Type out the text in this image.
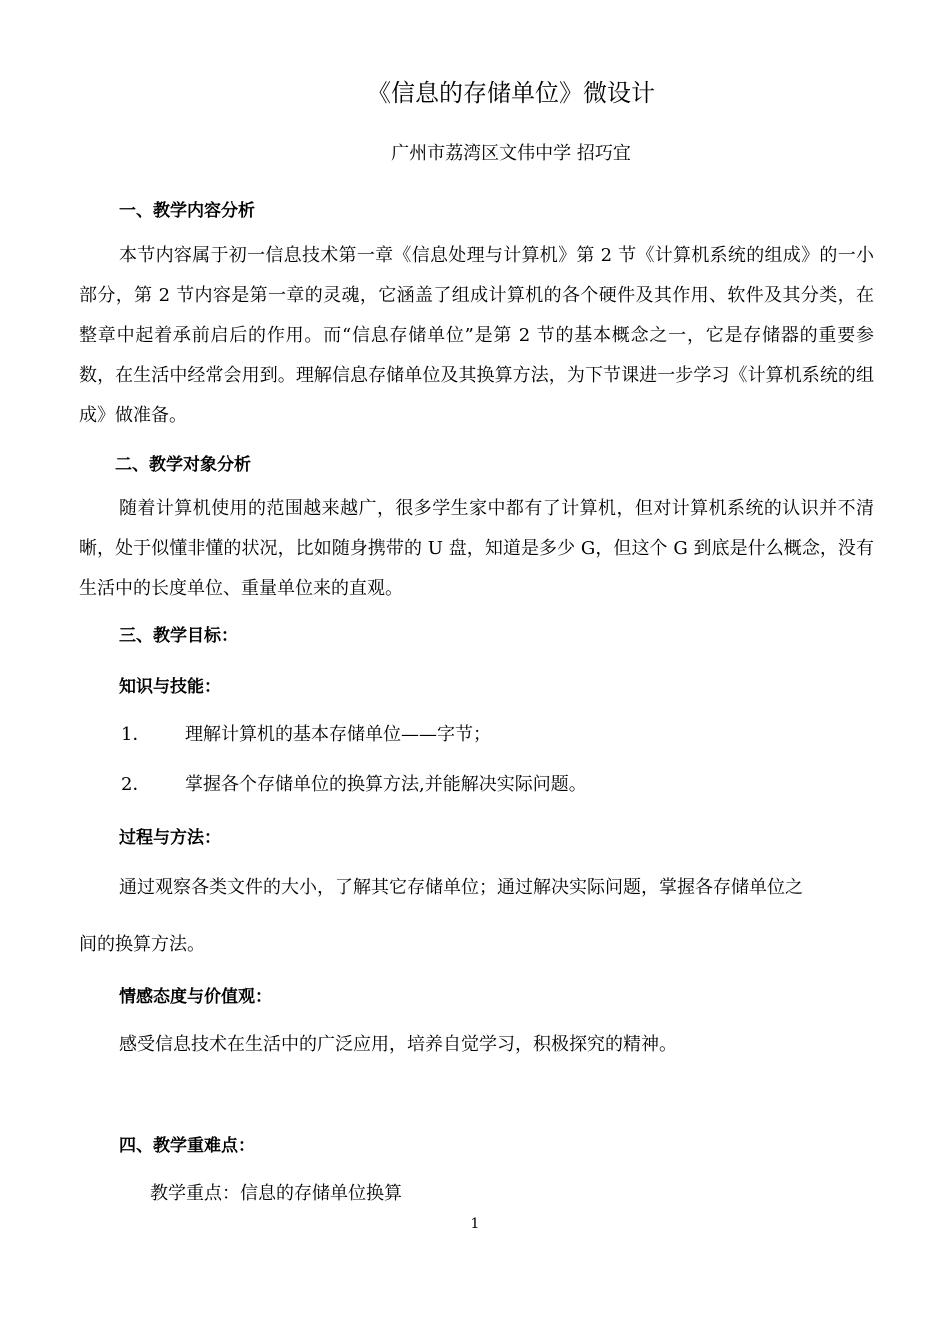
《信息的存储单位》微设计
广州市荔湾区文伟中学 招巧宜
一、教学内容分析
本节内容属于初一信息技术第一章《信息处理与计算机》第 2 节《计算机系统的组成》的一小部分，第 2 节内容是第一章的灵魂，它涵盖了组成计算机的各个硬件及其作用、软件及其分类，在整章中起着承前启后的作用。而“信息存储单位”是第 2 节的基本概念之一，它是存储器的重要参数，在生活中经常会用到。理解信息存储单位及其换算方法，为下节课进一步学习《计算机系统的组成》做准备。
二、教学对象分析
随着计算机使用的范围越来越广，很多学生家中都有了计算机，但对计算机系统的认识并不清晰，处于似懂非懂的状况，比如随身携带的 U 盘，知道是多少 G，但这个 G 到底是什么概念，没有生活中的长度单位、重量单位来的直观。
三、教学目标：
知识与技能：
1． 理解计算机的基本存储单位——字节；
2． 掌握各个存储单位的换算方法,并能解决实际问题。
过程与方法：
通过观察各类文件的大小，了解其它存储单位；通过解决实际问题，掌握各存储单位之
间的换算方法。
情感态度与价值观：
感受信息技术在生活中的广泛应用，培养自觉学习，积极探究的精神。
四、教学重难点：
教学重点：信息的存储单位换算
1
